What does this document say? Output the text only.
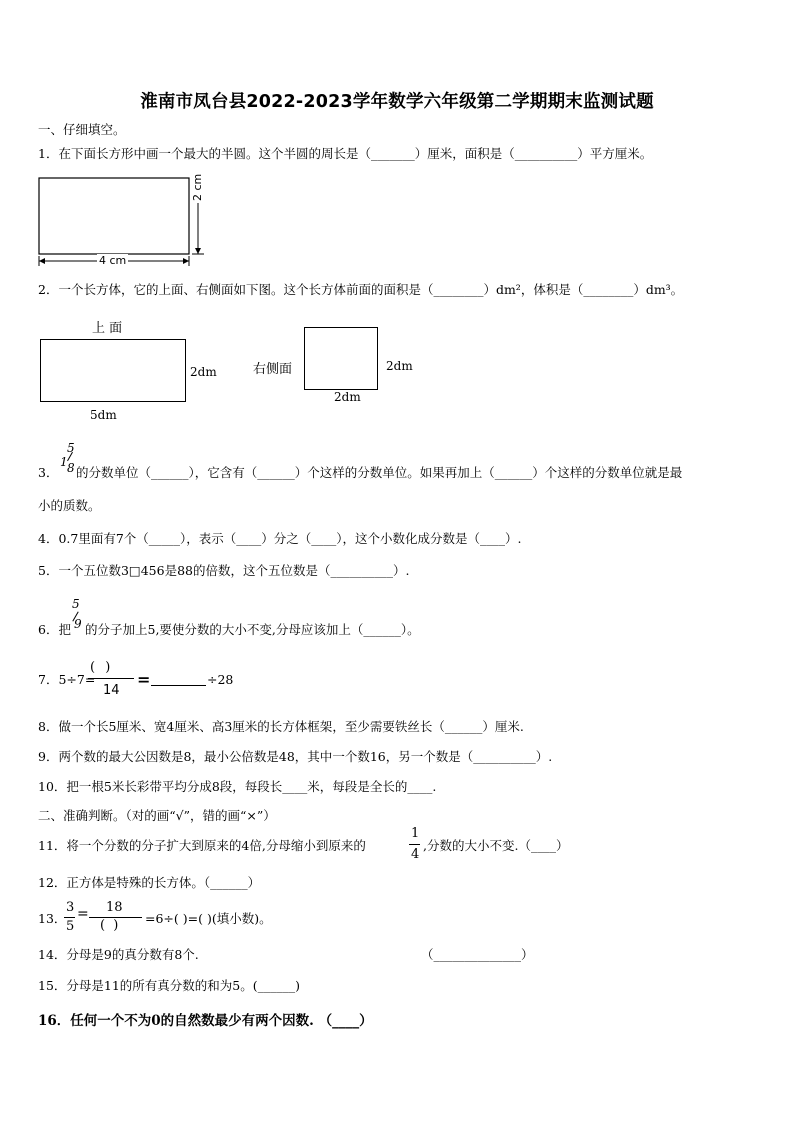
淮南市凤台县2022-2023学年数学六年级第二学期期末监测试题
一、仔细填空。
1．在下面长方形中画一个最大的半圆。这个半圆的周长是（_______）厘米，面积是（__________）平方厘米。
2 cm
4 cm
2．一个长方体，它的上面、右侧面如下图。这个长方体前面的面积是（________）dm²，体积是（________）dm³。
上 面
2dm
5dm
右侧面	2dm
2dm
3．
1
5
8 的分数单位（______），它含有（______）个这样的分数单位。如果再加上（______）个这样的分数单位就是最
小的质数。
4．0.7里面有7个（_____），表示（____）分之（____），这个小数化成分数是（____）.
5．一个五位数3□456是88的倍数，这个五位数是（__________）.
6．把
5
9 的分子加上5,要使分数的大小不变,分母应该加上（______）。
7．5÷7=
( )
14
=	÷28
8．做一个长5厘米、宽4厘米、高3厘米的长方体框架，至少需要铁丝长（______）厘米.
9．两个数的最大公因数是8，最小公倍数是48，其中一个数16，另一个数是（__________）.
10．把一根5米长彩带平均分成8段，每段长____米，每段是全长的____.
二、准确判断。（对的画“√”，错的画“×”）
11．将一个分数的分子扩大到原来的4倍,分母缩小到原来的
1
4
,分数的大小不变.（____）
12．正方体是特殊的长方体。（______）
13．
3
5
= 18
( ) =6÷( )=( )(填小数)。
14．分母是9的真分数有8个.	（______________）
15．分母是11的所有真分数的和为5。(______)
16．任何一个不为0的自然数最少有两个因数. （____）
